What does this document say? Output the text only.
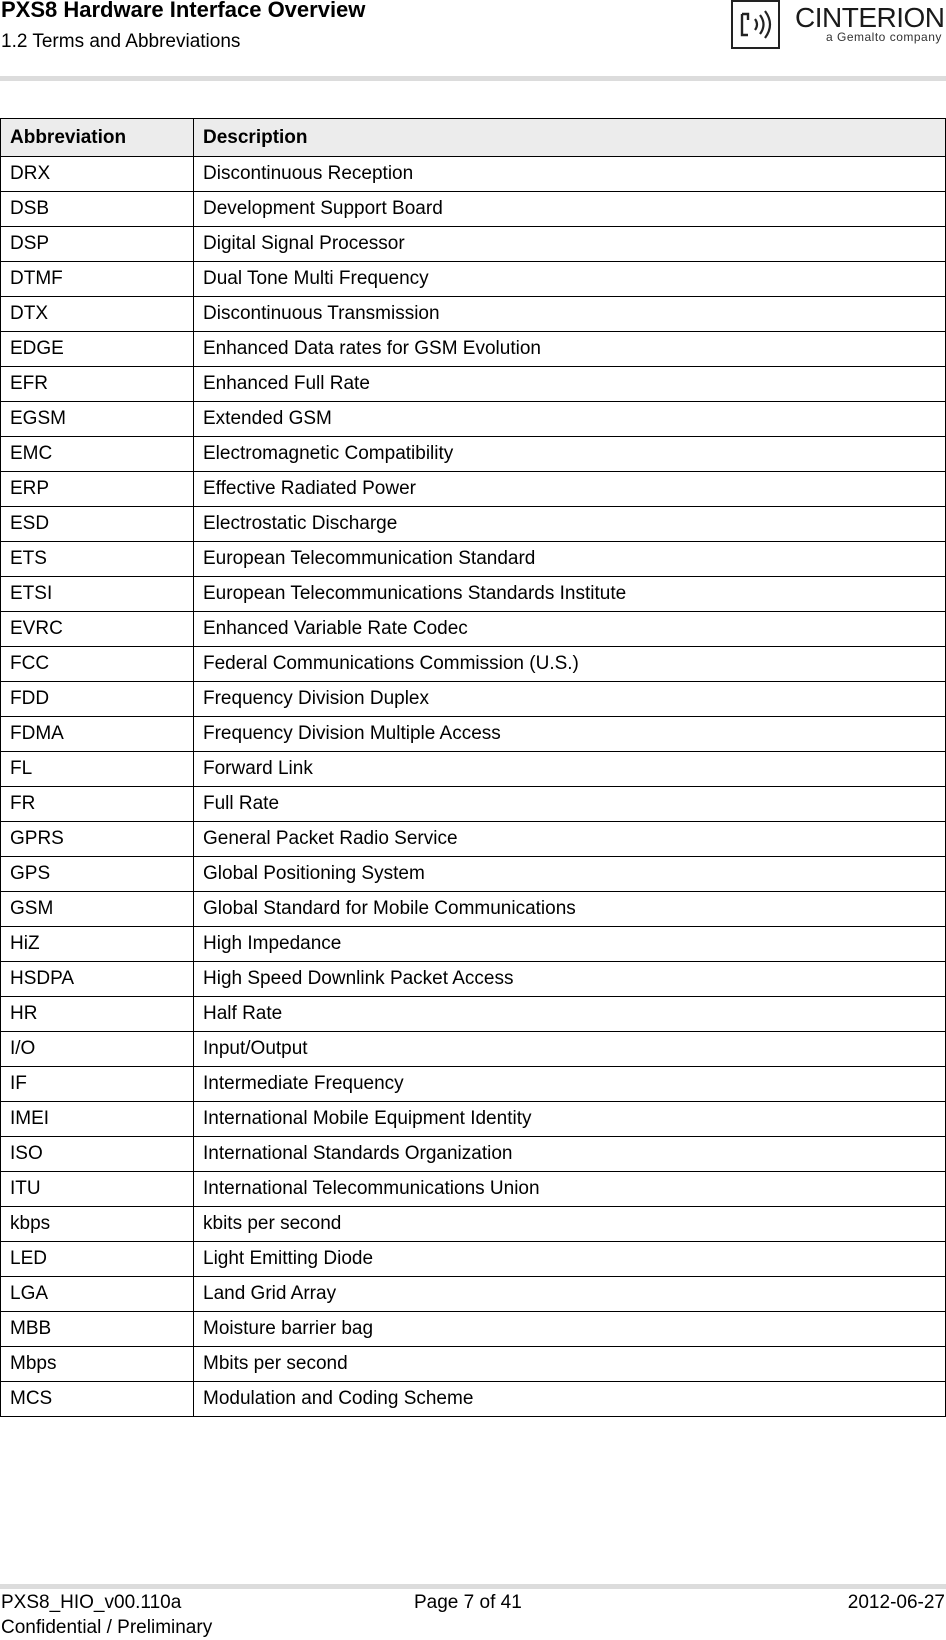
PXS8 Hardware Interface Overview
1.2 Terms and Abbreviations
CINTERION
a Gemalto company
Abbreviation	Description
DRX	Discontinuous Reception
DSB	Development Support Board
DSP	Digital Signal Processor
DTMF	Dual Tone Multi Frequency
DTX	Discontinuous Transmission
EDGE	Enhanced Data rates for GSM Evolution
EFR	Enhanced Full Rate
EGSM	Extended GSM
EMC	Electromagnetic Compatibility
ERP	Effective Radiated Power
ESD	Electrostatic Discharge
ETS	European Telecommunication Standard
ETSI	European Telecommunications Standards Institute
EVRC	Enhanced Variable Rate Codec
FCC	Federal Communications Commission (U.S.)
FDD	Frequency Division Duplex
FDMA	Frequency Division Multiple Access
FL	Forward Link
FR	Full Rate
GPRS	General Packet Radio Service
GPS	Global Positioning System
GSM	Global Standard for Mobile Communications
HiZ	High Impedance
HSDPA	High Speed Downlink Packet Access
HR	Half Rate
I/O	Input/Output
IF	Intermediate Frequency
IMEI	International Mobile Equipment Identity
ISO	International Standards Organization
ITU	International Telecommunications Union
kbps	kbits per second
LED	Light Emitting Diode
LGA	Land Grid Array
MBB	Moisture barrier bag
Mbps	Mbits per second
MCS	Modulation and Coding Scheme
PXS8_HIO_v00.110a	Page 7 of 41	2012-06-27
Confidential / Preliminary
